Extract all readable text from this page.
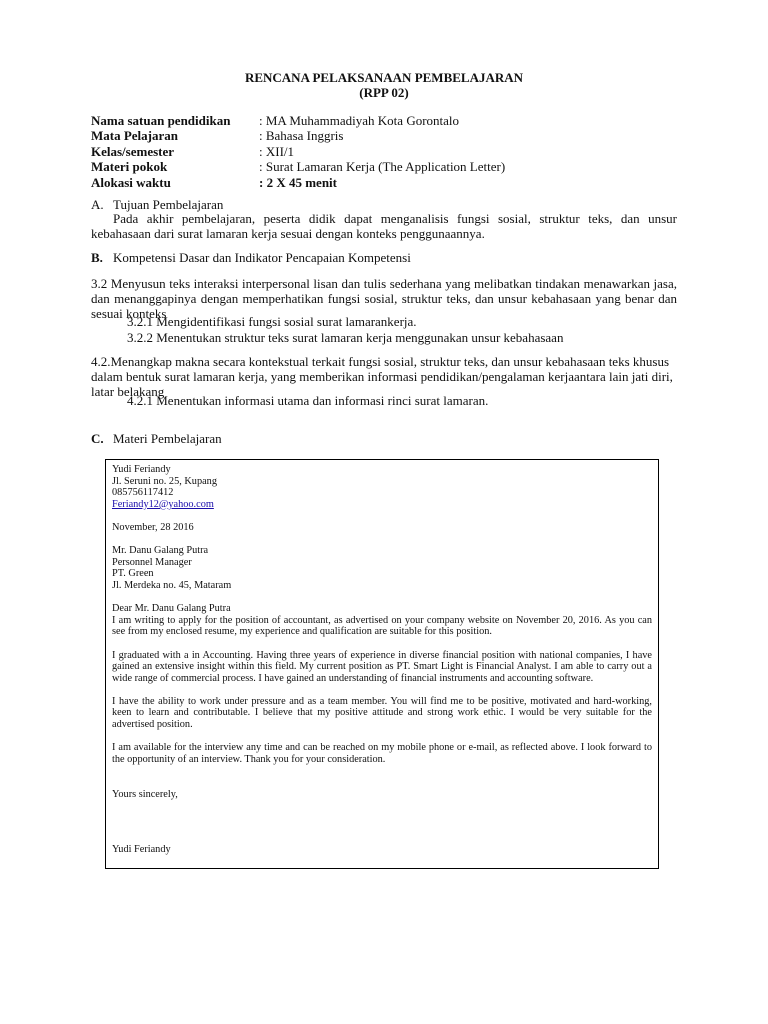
RENCANA PELAKSANAAN PEMBELAJARAN
(RPP 02)
Nama satuan pendidikan	: MA Muhammadiyah Kota Gorontalo
Mata Pelajaran	: Bahasa Inggris
Kelas/semester	: XII/1
Materi pokok	: Surat Lamaran Kerja (The Application Letter)
Alokasi waktu	: 2 X 45 menit
A. Tujuan Pembelajaran
Pada akhir pembelajaran, peserta didik dapat menganalisis fungsi sosial, struktur teks, dan unsur kebahasaan dari surat lamaran kerja sesuai dengan konteks penggunaannya.
B. Kompetensi Dasar dan Indikator Pencapaian Kompetensi
3.2 Menyusun teks interaksi interpersonal lisan dan tulis sederhana yang melibatkan tindakan menawarkan jasa, dan menanggapinya dengan memperhatikan fungsi sosial, struktur teks, dan unsur kebahasaan yang benar dan sesuai konteks
3.2.1 Mengidentifikasi fungsi sosial surat lamarankerja.
3.2.2 Menentukan struktur teks surat lamaran kerja menggunakan unsur kebahasaan
4.2.Menangkap makna secara kontekstual terkait fungsi sosial, struktur teks, dan unsur kebahasaan teks khusus dalam bentuk surat lamaran kerja, yang memberikan informasi pendidikan/pengalaman kerjaantara lain jati diri, latar belakang
4.2.1 Menentukan informasi utama dan informasi rinci surat lamaran.
C. Materi Pembelajaran

Yudi Feriandy

Jl. Seruni no. 25, Kupang

085756117412

Feriandy12@yahoo.com

November, 28 2016

Mr. Danu Galang Putra

Personnel Manager

PT. Green

Jl. Merdeka no. 45, Mataram

Dear Mr. Danu Galang Putra

I am writing to apply for the position of accountant, as advertised on your company website on November 20, 2016. As you can see from my enclosed resume, my experience and qualification are suitable for this position.

I graduated with a in Accounting. Having three years of experience in diverse financial position with national companies, I have gained an extensive insight within this field. My current position as PT. Smart Light is Financial Analyst. I am able to carry out a wide range of commercial process. I have gained an understanding of financial instruments and accounting software.

I have the ability to work under pressure and as a team member. You will find me to be positive, motivated and hard-working, keen to learn and contributable. I believe that my positive attitude and strong work ethic. I would be very suitable for the advertised position.

I am available for the interview any time and can be reached on my mobile phone or e-mail, as reflected above. I look forward to the opportunity of an interview. Thank you for your consideration.

Yours sincerely,

Yudi Feriandy
